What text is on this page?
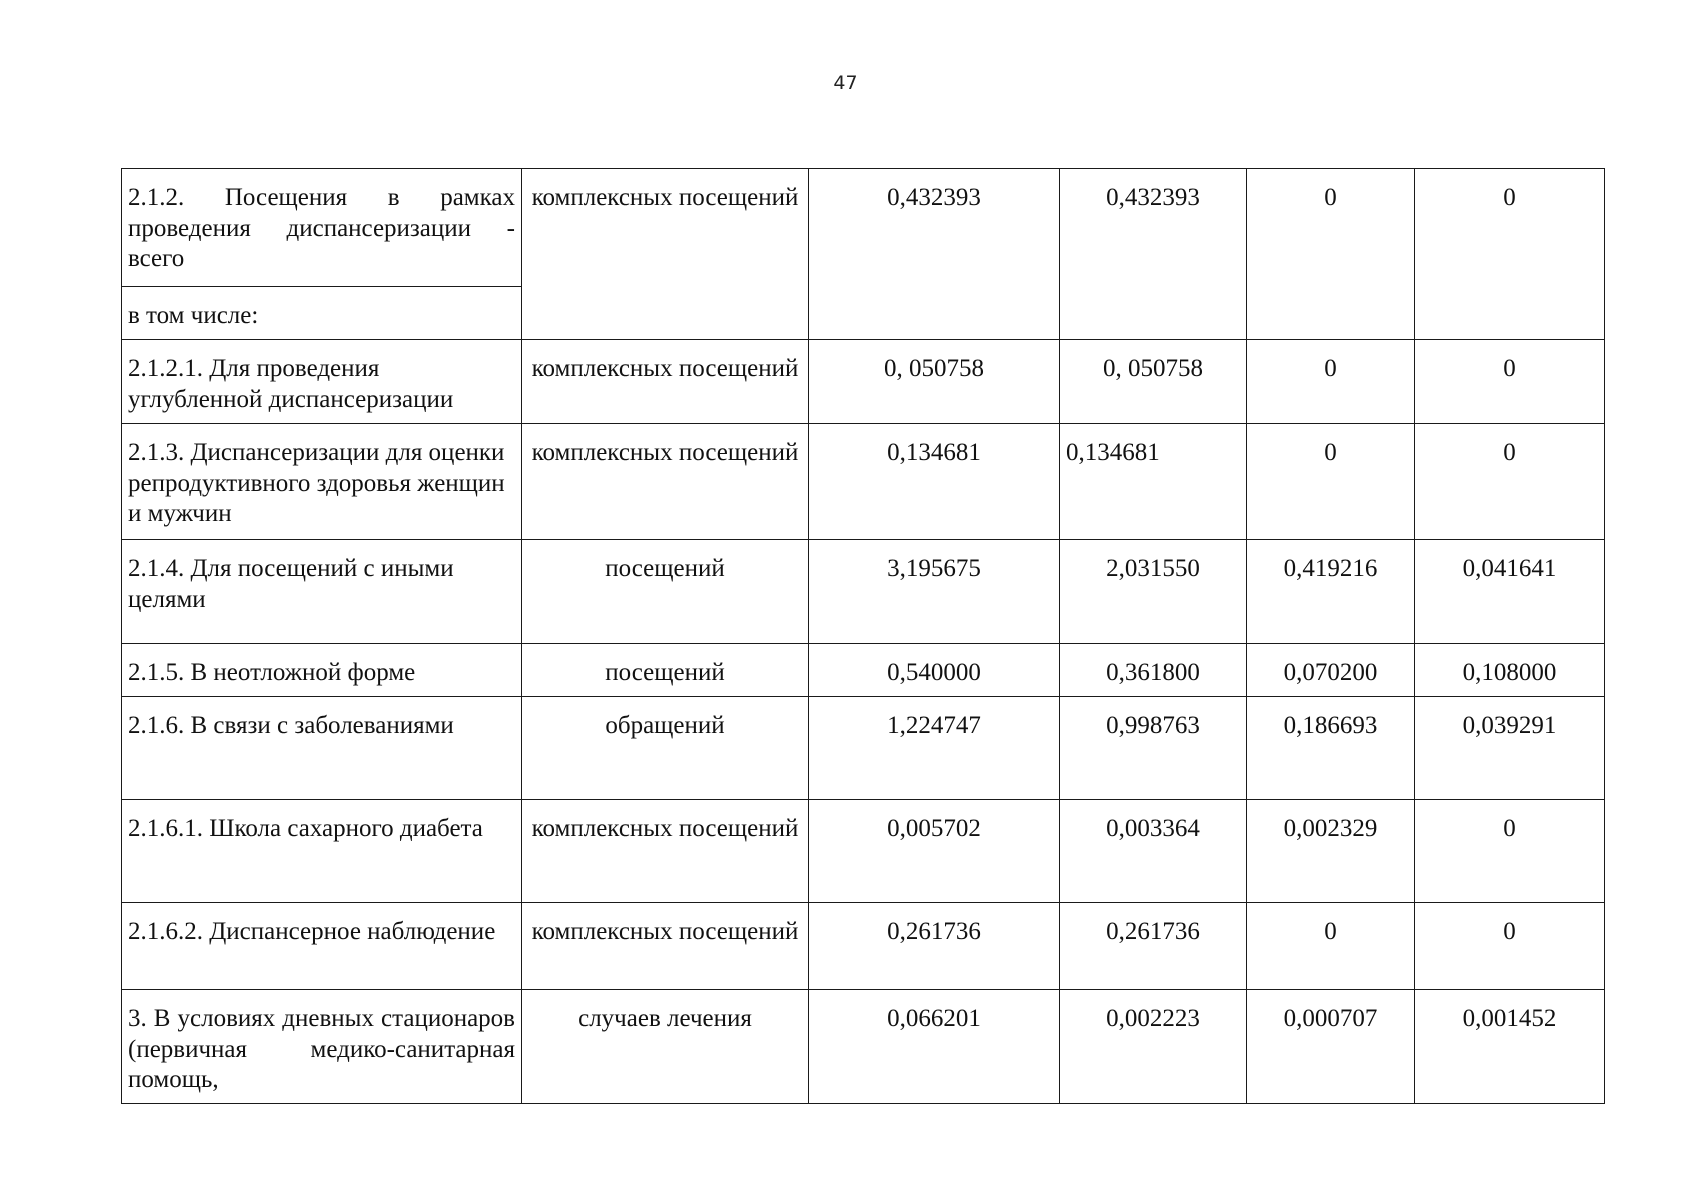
47
2.1.2. Посещения в рамках проведения диспансеризации - всего	комплексных посещений	0,432393	0,432393	0	0
в том числе:					
2.1.2.1. Для проведения углубленной диспансеризации	комплексных посещений	0, 050758	0, 050758	0	0
2.1.3. Диспансеризации для оценки репродуктивного здоровья женщин и мужчин	комплексных посещений	0,134681	0,134681	0	0
2.1.4. Для посещений с иными целями	посещений	3,195675	2,031550	0,419216	0,041641
2.1.5. В неотложной форме	посещений	0,540000	0,361800	0,070200	0,108000
2.1.6. В связи с заболеваниями	обращений	1,224747	0,998763	0,186693	0,039291
2.1.6.1. Школа сахарного диабета	комплексных посещений	0,005702	0,003364	0,002329	0
2.1.6.2. Диспансерное наблюдение	комплексных посещений	0,261736	0,261736	0	0
3. В условиях дневных стационаров (первичная медико-санитарная помощь,	случаев лечения	0,066201	0,002223	0,000707	0,001452
